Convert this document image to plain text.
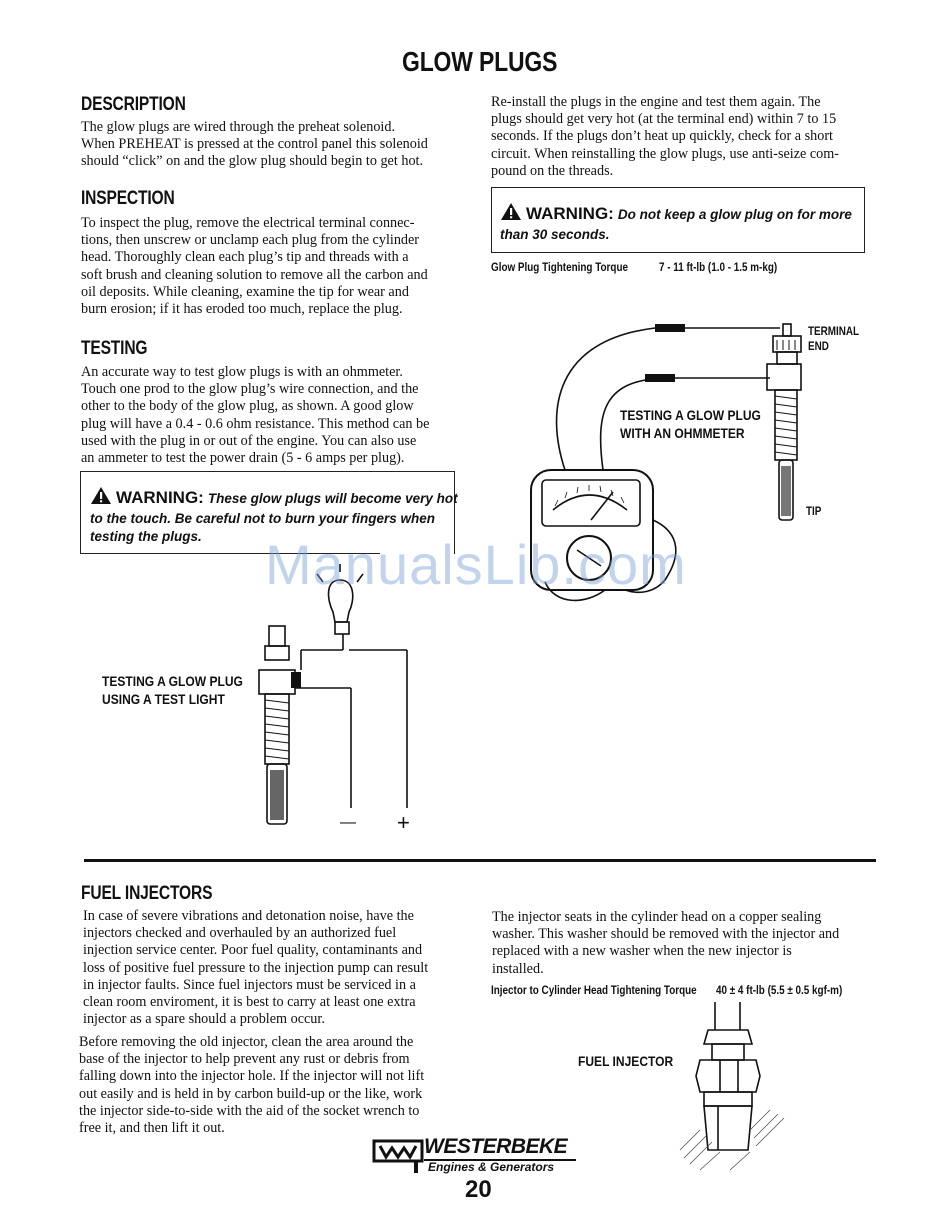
GLOW PLUGS
DESCRIPTION
The glow plugs are wired through the preheat solenoid.
When PREHEAT is pressed at the control panel this solenoid
should “click” on and the glow plug should begin to get hot.
INSPECTION
To inspect the plug, remove the electrical terminal connec-
tions, then unscrew or unclamp each plug from the cylinder
head. Thoroughly clean each plug’s tip and threads with a
soft brush and cleaning solution to remove all the carbon and
oil deposits. While cleaning, examine the tip for wear and
burn erosion; if it has eroded too much, replace the plug.
TESTING
An accurate way to test glow plugs is with an ohmmeter.
Touch one prod to the glow plug’s wire connection, and the
other to the body of the glow plug, as shown. A good glow
plug will have a 0.4 - 0.6 ohm resistance. This method can be
used with the plug in or out of the engine. You can also use
an ammeter to test the power drain (5 - 6 amps per plug).
WARNING: These glow plugs will become very hot
to the touch. Be careful not to burn your fingers when
testing the plugs.
Re-install the plugs in the engine and test them again. The
plugs should get very hot (at the terminal end) within 7 to 15
seconds. If the plugs don’t heat up quickly, check for a short
circuit. When reinstalling the glow plugs, use anti-seize com-
pound on the threads.
WARNING: Do not keep a glow plug on for more
than 30 seconds.
Glow Plug Tightening Torque	7 - 11 ft-lb (1.0 - 1.5 m-kg)
TESTING A GLOW PLUG
WITH AN OHMMETER
TERMINAL
END
TIP
— +
TESTING A GLOW PLUG
USING A TEST LIGHT
ManualsLib.com
FUEL INJECTORS
In case of severe vibrations and detonation noise, have the
injectors checked and overhauled by an authorized fuel
injection service center. Poor fuel quality, contaminants and
loss of positive fuel pressure to the injection pump can result
in injector faults. Since fuel injectors must be serviced in a
clean room enviroment, it is best to carry at least one extra
injector as a spare should a problem occur.
Before removing the old injector, clean the area around the
base of the injector to help prevent any rust or debris from
falling down into the injector hole. If the injector will not lift
out easily and is held in by carbon build-up or the like, work
the injector side-to-side with the aid of the socket wrench to
free it, and then lift it out.
The injector seats in the cylinder head on a copper sealing
washer. This washer should be removed with the injector and
replaced with a new washer when the new injector is
installed.
Injector to Cylinder Head Tightening Torque 40 ± 4 ft-lb (5.5 ± 0.5 kgf-m)
FUEL INJECTOR
WESTERBEKE
Engines & Generators
20
